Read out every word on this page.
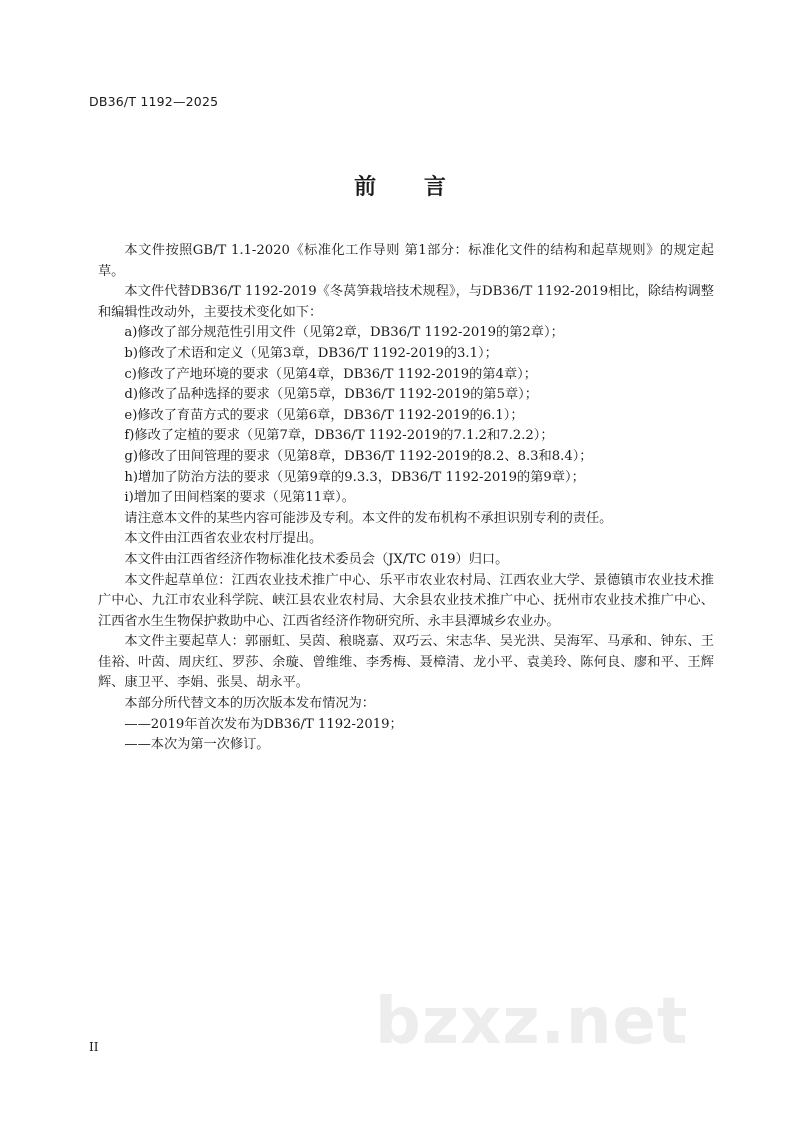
DB36/T 1192—2025
前 言

本文件按照GB/T 1.1-2020《标准化工作导则 第1部分：标准化文件的结构和起草规则》的规定起草。

本文件代替DB36/T 1192-2019《冬莴笋栽培技术规程》，与DB36/T 1192-2019相比，除结构调整和编辑性改动外，主要技术变化如下：

a)修改了部分规范性引用文件（见第2章，DB36/T 1192-2019的第2章）；

b)修改了术语和定义（见第3章，DB36/T 1192-2019的3.1）；

c)修改了产地环境的要求（见第4章，DB36/T 1192-2019的第4章）；

d)修改了品种选择的要求（见第5章，DB36/T 1192-2019的第5章）；

e)修改了育苗方式的要求（见第6章，DB36/T 1192-2019的6.1）；

f)修改了定植的要求（见第7章，DB36/T 1192-2019的7.1.2和7.2.2）；

g)修改了田间管理的要求（见第8章，DB36/T 1192-2019的8.2、8.3和8.4）；

h)增加了防治方法的要求（见第9章的9.3.3，DB36/T 1192-2019的第9章）；

i)增加了田间档案的要求（见第11章）。

请注意本文件的某些内容可能涉及专利。本文件的发布机构不承担识别专利的责任。

本文件由江西省农业农村厅提出。

本文件由江西省经济作物标准化技术委员会（JX/TC 019）归口。

本文件起草单位：江西农业技术推广中心、乐平市农业农村局、江西农业大学、景德镇市农业技术推广中心、九江市农业科学院、峡江县农业农村局、大余县农业技术推广中心、抚州市农业技术推广中心、江西省水生生物保护救助中心、江西省经济作物研究所、永丰县潭城乡农业办。

本文件主要起草人：郭丽虹、吴茵、稂晓嘉、双巧云、宋志华、吴光洪、吴海军、马承和、钟东、王佳裕、叶茵、周庆红、罗莎、余璇、曾维维、李秀梅、聂樟清、龙小平、袁美玲、陈何良、廖和平、王辉辉、康卫平、李娟、张昊、胡永平。

本部分所代替文本的历次版本发布情况为：

——2019年首次发布为DB36/T 1192-2019；

——本次为第一次修订。

bzxz.net
II
